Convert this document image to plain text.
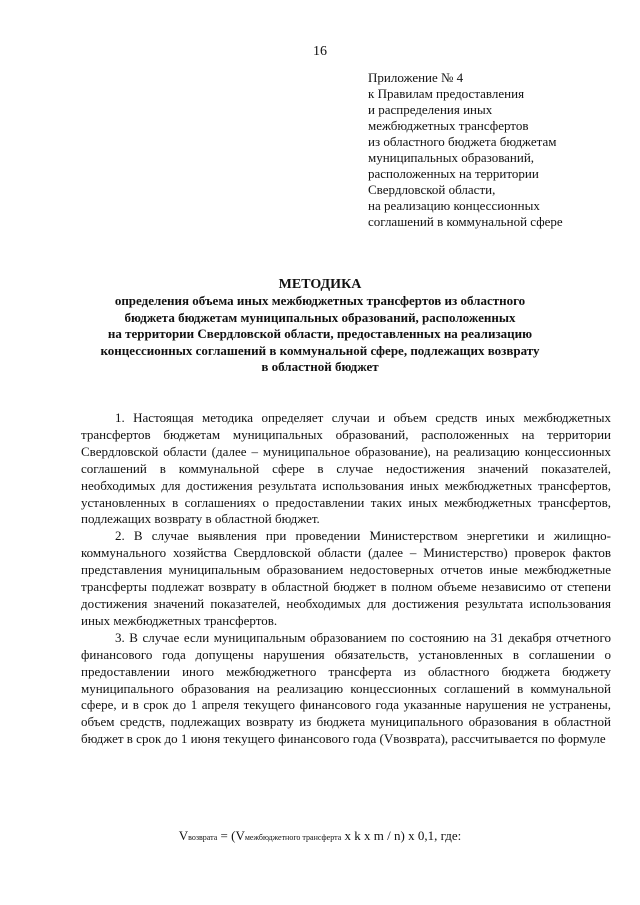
16
Приложение № 4
к Правилам предоставления
и распределения иных
межбюджетных трансфертов
из областного бюджета бюджетам
муниципальных образований,
расположенных на территории
Свердловской области,
на реализацию концессионных
соглашений в коммунальной сфере
МЕТОДИКА
определения объема иных межбюджетных трансфертов из областного
бюджета бюджетам муниципальных образований, расположенных
на территории Свердловской области, предоставленных на реализацию
концессионных соглашений в коммунальной сфере, подлежащих возврату
в областной бюджет

1. Настоящая методика определяет случаи и объем средств иных межбюджетных трансфертов бюджетам муниципальных образований, расположенных на территории Свердловской области (далее – муниципальное образование), на реализацию концессионных соглашений в коммунальной сфере в случае недостижения значений показателей, необходимых для достижения результата использования иных межбюджетных трансфертов, установленных в соглашениях о предоставлении таких иных межбюджетных трансфертов, подлежащих возврату в областной бюджет.

2. В случае выявления при проведении Министерством энергетики и жилищно-коммунального хозяйства Свердловской области (далее – Министерство) проверок фактов представления муниципальным образованием недостоверных отчетов иные межбюджетные трансферты подлежат возврату в областной бюджет в полном объеме независимо от степени достижения значений показателей, необходимых для достижения результата использования иных межбюджетных трансфертов.

3. В случае если муниципальным образованием по состоянию на 31 декабря отчетного финансового года допущены нарушения обязательств, установленных в соглашении о предоставлении иного межбюджетного трансферта из областного бюджета бюджету муниципального образования на реализацию концессионных соглашений в коммунальной сфере, и в срок до 1 апреля текущего финансового года указанные нарушения не устранены, объем средств, подлежащих возврату из бюджета муниципального образования в областной бюджет в срок до 1 июня текущего финансового года (Vвозврата), рассчитывается по формуле

Vвозврата = (Vмежбюджетного трансферта x k x m / n) x 0,1, где:
